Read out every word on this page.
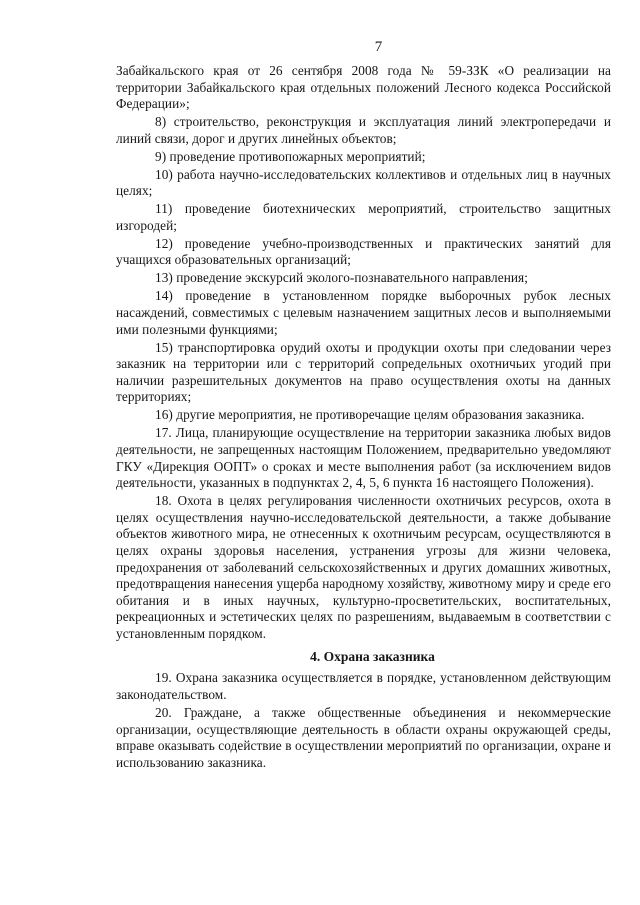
7

Забайкальского края от 26 сентября 2008 года № 59-ЗЗК «О реализации на территории Забайкальского края отдельных положений Лесного кодекса Российской Федерации»;

8) строительство, реконструкция и эксплуатация линий электропередачи и линий связи, дорог и других линейных объектов;

9) проведение противопожарных мероприятий;

10) работа научно-исследовательских коллективов и отдельных лиц в научных целях;

11) проведение биотехнических мероприятий, строительство защитных изгородей;

12) проведение учебно-производственных и практических занятий для учащихся образовательных организаций;

13) проведение экскурсий эколого-познавательного направления;

14) проведение в установленном порядке выборочных рубок лесных насаждений, совместимых с целевым назначением защитных лесов и выполняемыми ими полезными функциями;

15) транспортировка орудий охоты и продукции охоты при следовании через заказник на территории или с территорий сопредельных охотничьих угодий при наличии разрешительных документов на право осуществления охоты на данных территориях;

16) другие мероприятия, не противоречащие целям образования заказника.

17. Лица, планирующие осуществление на территории заказника любых видов деятельности, не запрещенных настоящим Положением, предварительно уведомляют ГКУ «Дирекция ООПТ» о сроках и месте выполнения работ (за исключением видов деятельности, указанных в подпунктах 2, 4, 5, 6 пункта 16 настоящего Положения).

18. Охота в целях регулирования численности охотничьих ресурсов, охота в целях осуществления научно-исследовательской деятельности, а также добывание объектов животного мира, не отнесенных к охотничьим ресурсам, осуществляются в целях охраны здоровья населения, устранения угрозы для жизни человека, предохранения от заболеваний сельскохозяйственных и других домашних животных, предотвращения нанесения ущерба народному хозяйству, животному миру и среде его обитания и в иных научных, культурно-просветительских, воспитательных, рекреационных и эстетических целях по разрешениям, выдаваемым в соответствии с установленным порядком.

4. Охрана заказника

19. Охрана заказника осуществляется в порядке, установленном действующим законодательством.

20. Граждане, а также общественные объединения и некоммерческие организации, осуществляющие деятельность в области охраны окружающей среды, вправе оказывать содействие в осуществлении мероприятий по организации, охране и использованию заказника.
